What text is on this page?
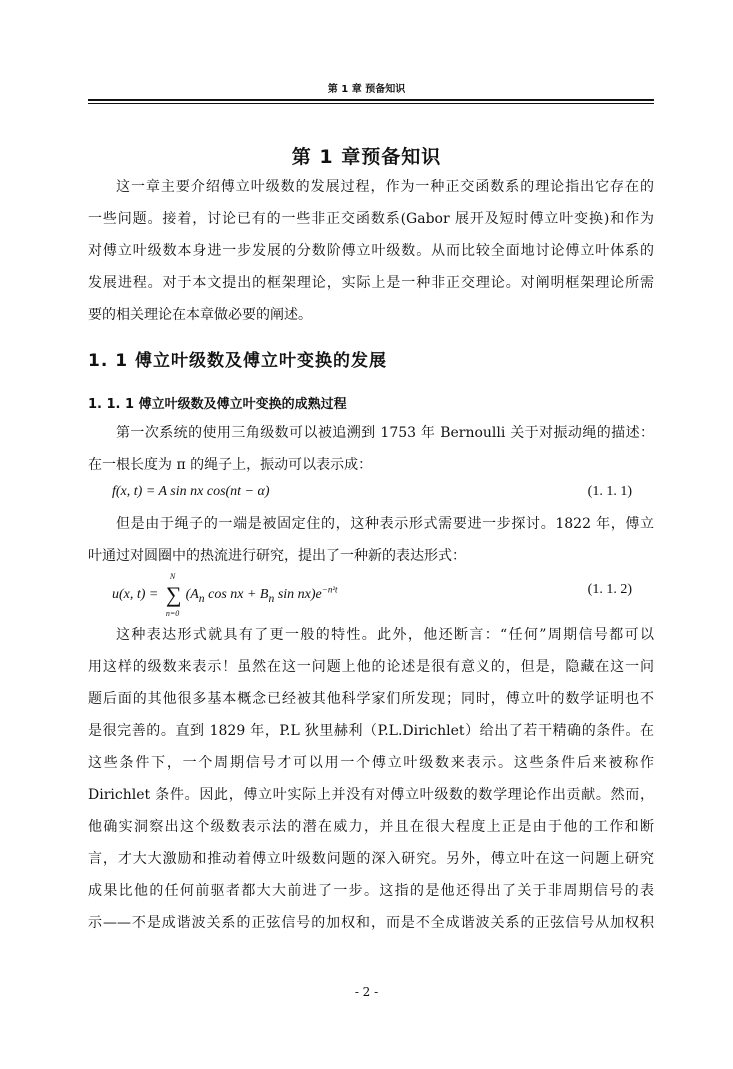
第 1 章 预备知识
第 1 章预备知识
这一章主要介绍傅立叶级数的发展过程，作为一种正交函数系的理论指出它存在的
一些问题。接着，讨论已有的一些非正交函数系(Gabor 展开及短时傅立叶变换)和作为
对傅立叶级数本身进一步发展的分数阶傅立叶级数。从而比较全面地讨论傅立叶体系的
发展进程。对于本文提出的框架理论，实际上是一种非正交理论。对阐明框架理论所需
要的相关理论在本章做必要的阐述。
1. 1 傅立叶级数及傅立叶变换的发展
1. 1. 1 傅立叶级数及傅立叶变换的成熟过程
第一次系统的使用三角级数可以被追溯到 1753 年 Bernoulli 关于对振动绳的描述：
在一根长度为 π 的绳子上，振动可以表示成：
f(x, t) = A sin nx cos(nt − α)	(1. 1. 1)
但是由于绳子的一端是被固定住的，这种表示形式需要进一步探讨。1822 年，傅立
叶通过对圆圈中的热流进行研究，提出了一种新的表达形式：
u(x, t) = ∑
N
n=0
($A_n$ cos nx + $B_n$ $\sin nx)e^{-n^2t}$	(1. 1. 2)
这种表达形式就具有了更一般的特性。此外，他还断言：“任何”周期信号都可以
用这样的级数来表示！虽然在这一问题上他的论述是很有意义的，但是，隐藏在这一问
题后面的其他很多基本概念已经被其他科学家们所发现；同时，傅立叶的数学证明也不
是很完善的。直到 1829 年，P.L 狄里赫利（P.L.Dirichlet）给出了若干精确的条件。在
这些条件下，一个周期信号才可以用一个傅立叶级数来表示。这些条件后来被称作
Dirichlet 条件。因此，傅立叶实际上并没有对傅立叶级数的数学理论作出贡献。然而，
他确实洞察出这个级数表示法的潜在威力，并且在很大程度上正是由于他的工作和断
言，才大大激励和推动着傅立叶级数问题的深入研究。另外，傅立叶在这一问题上研究
成果比他的任何前驱者都大大前进了一步。这指的是他还得出了关于非周期信号的表
示——不是成谐波关系的正弦信号的加权和，而是不全成谐波关系的正弦信号从加权积
- 2 -
